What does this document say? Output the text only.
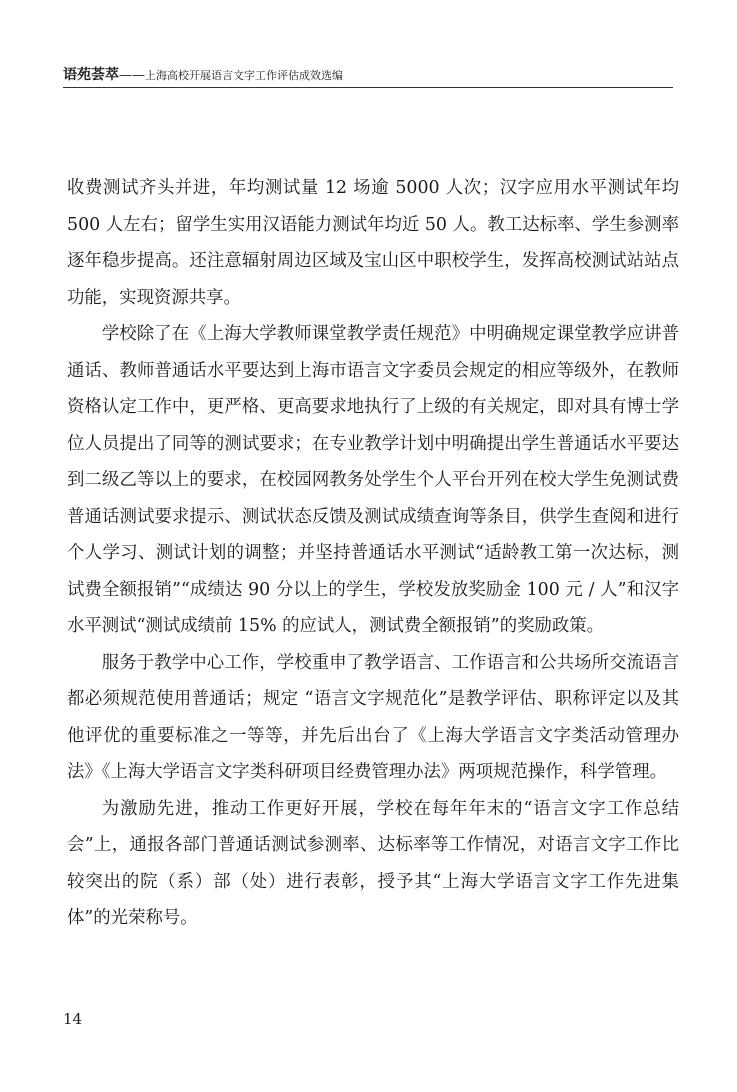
语苑荟萃——上海高校开展语言文字工作评估成效选编

收费测试齐头并进，年均测试量 12 场逾 5000 人次；汉字应用水平测试年均 500 人左右；留学生实用汉语能力测试年均近 50 人。教工达标率、学生参测率逐年稳步提高。还注意辐射周边区域及宝山区中职校学生，发挥高校测试站站点功能，实现资源共享。

学校除了在《上海大学教师课堂教学责任规范》中明确规定课堂教学应讲普通话、教师普通话水平要达到上海市语言文字委员会规定的相应等级外，在教师资格认定工作中，更严格、更高要求地执行了上级的有关规定，即对具有博士学位人员提出了同等的测试要求；在专业教学计划中明确提出学生普通话水平要达到二级乙等以上的要求，在校园网教务处学生个人平台开列在校大学生免测试费普通话测试要求提示、测试状态反馈及测试成绩查询等条目，供学生查阅和进行个人学习、测试计划的调整；并坚持普通话水平测试“适龄教工第一次达标，测试费全额报销”“成绩达 90 分以上的学生，学校发放奖励金 100 元 / 人”和汉字水平测试“测试成绩前 15% 的应试人，测试费全额报销”的奖励政策。

服务于教学中心工作，学校重申了教学语言、工作语言和公共场所交流语言都必须规范使用普通话；规定 “语言文字规范化”是教学评估、职称评定以及其他评优的重要标准之一等等，并先后出台了《上海大学语言文字类活动管理办法》《上海大学语言文字类科研项目经费管理办法》两项规范操作，科学管理。

为激励先进，推动工作更好开展，学校在每年年末的“语言文字工作总结会”上，通报各部门普通话测试参测率、达标率等工作情况，对语言文字工作比较突出的院（系）部（处）进行表彰，授予其“上海大学语言文字工作先进集体”的光荣称号。

14
